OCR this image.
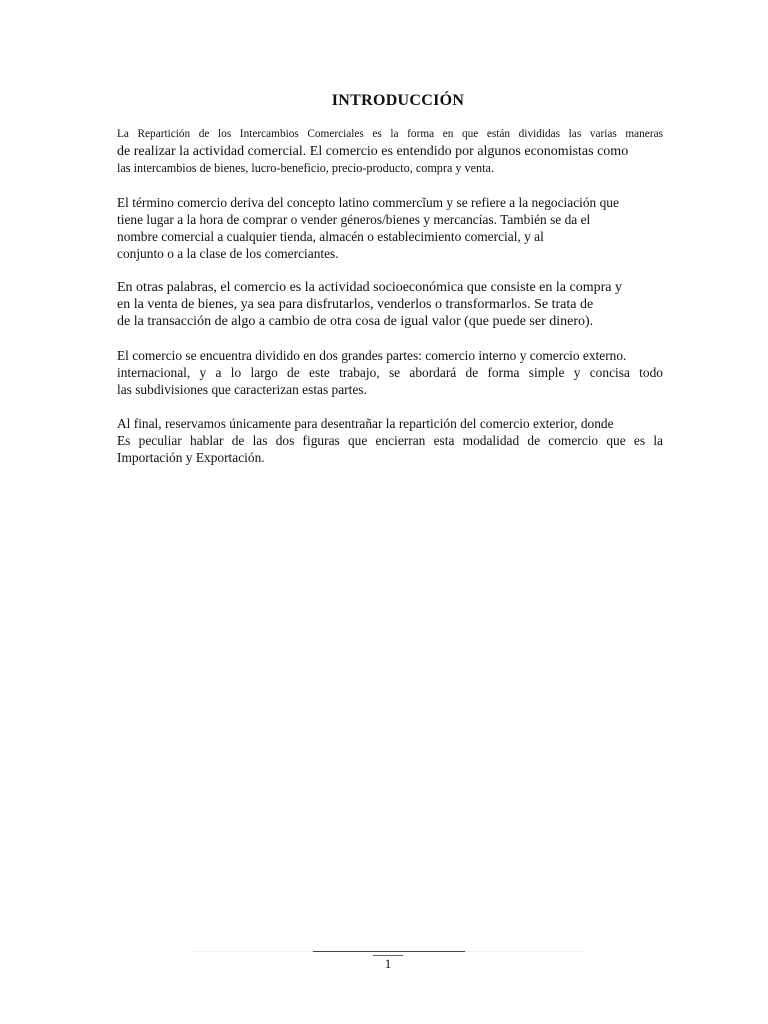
INTRODUCCIÓN
La Repartición de los Intercambios Comerciales es la forma en que están divididas las varias maneras
de realizar la actividad comercial. El comercio es entendido por algunos economistas como
las intercambios de bienes, lucro-beneficio, precio-producto, compra y venta.
El término comercio deriva del concepto latino commercĭum y se refiere a la negociación que
tiene lugar a la hora de comprar o vender géneros/bienes y mercancías. También se da el
nombre comercial a cualquier tienda, almacén o establecimiento comercial, y al
conjunto o a la clase de los comerciantes.
En otras palabras, el comercio es la actividad socioeconómica que consiste en la compra y
en la venta de bienes, ya sea para disfrutarlos, venderlos o transformarlos. Se trata de
de la transacción de algo a cambio de otra cosa de igual valor (que puede ser dinero).
El comercio se encuentra dividido en dos grandes partes: comercio interno y comercio externo.
internacional, y a lo largo de este trabajo, se abordará de forma simple y concisa todo
las subdivisiones que caracterizan estas partes.
Al final, reservamos únicamente para desentrañar la repartición del comercio exterior, donde
Es peculiar hablar de las dos figuras que encierran esta modalidad de comercio que es la
Importación y Exportación.
1
